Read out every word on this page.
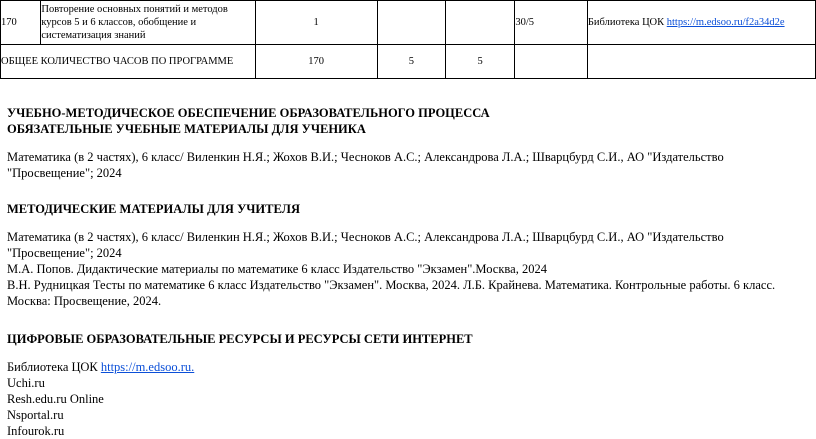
170	Повторение основных понятий и методов курсов 5 и 6 классов, обобщение и систематизация знаний	1			30/5	Библиотека ЦОК https://m.edsoo.ru/f2a34d2e
ОБЩЕЕ КОЛИЧЕСТВО ЧАСОВ ПО ПРОГРАММЕ		170	5	5		

УЧЕБНО-МЕТОДИЧЕСКОЕ ОБЕСПЕЧЕНИЕ ОБРАЗОВАТЕЛЬНОГО ПРОЦЕССА

ОБЯЗАТЕЛЬНЫЕ УЧЕБНЫЕ МАТЕРИАЛЫ ДЛЯ УЧЕНИКА

Математика (в 2 частях), 6 класс/ Виленкин Н.Я.; Жохов В.И.; Чесноков А.С.; Александрова Л.А.; Шварцбурд С.И., АО "Издательство "Просвещение"; 2024

МЕТОДИЧЕСКИЕ МАТЕРИАЛЫ ДЛЯ УЧИТЕЛЯ

Математика (в 2 частях), 6 класс/ Виленкин Н.Я.; Жохов В.И.; Чесноков А.С.; Александрова Л.А.; Шварцбурд С.И., АО "Издательство "Просвещение"; 2024

М.А. Попов. Дидактические материалы по математике 6 класс Издательство "Экзамен".Москва, 2024

В.Н. Рудницкая Тесты по математике 6 класс Издательство "Экзамен". Москва, 2024. Л.Б. Крайнева. Математика. Контрольные работы. 6 класс. Москва: Просвещение, 2024.

ЦИФРОВЫЕ ОБРАЗОВАТЕЛЬНЫЕ РЕСУРСЫ И РЕСУРСЫ СЕТИ ИНТЕРНЕТ

Библиотека ЦОК https://m.edsoo.ru.

Uchi.ru

Resh.edu.ru Online

Nsportal.ru

Infourok.ru
